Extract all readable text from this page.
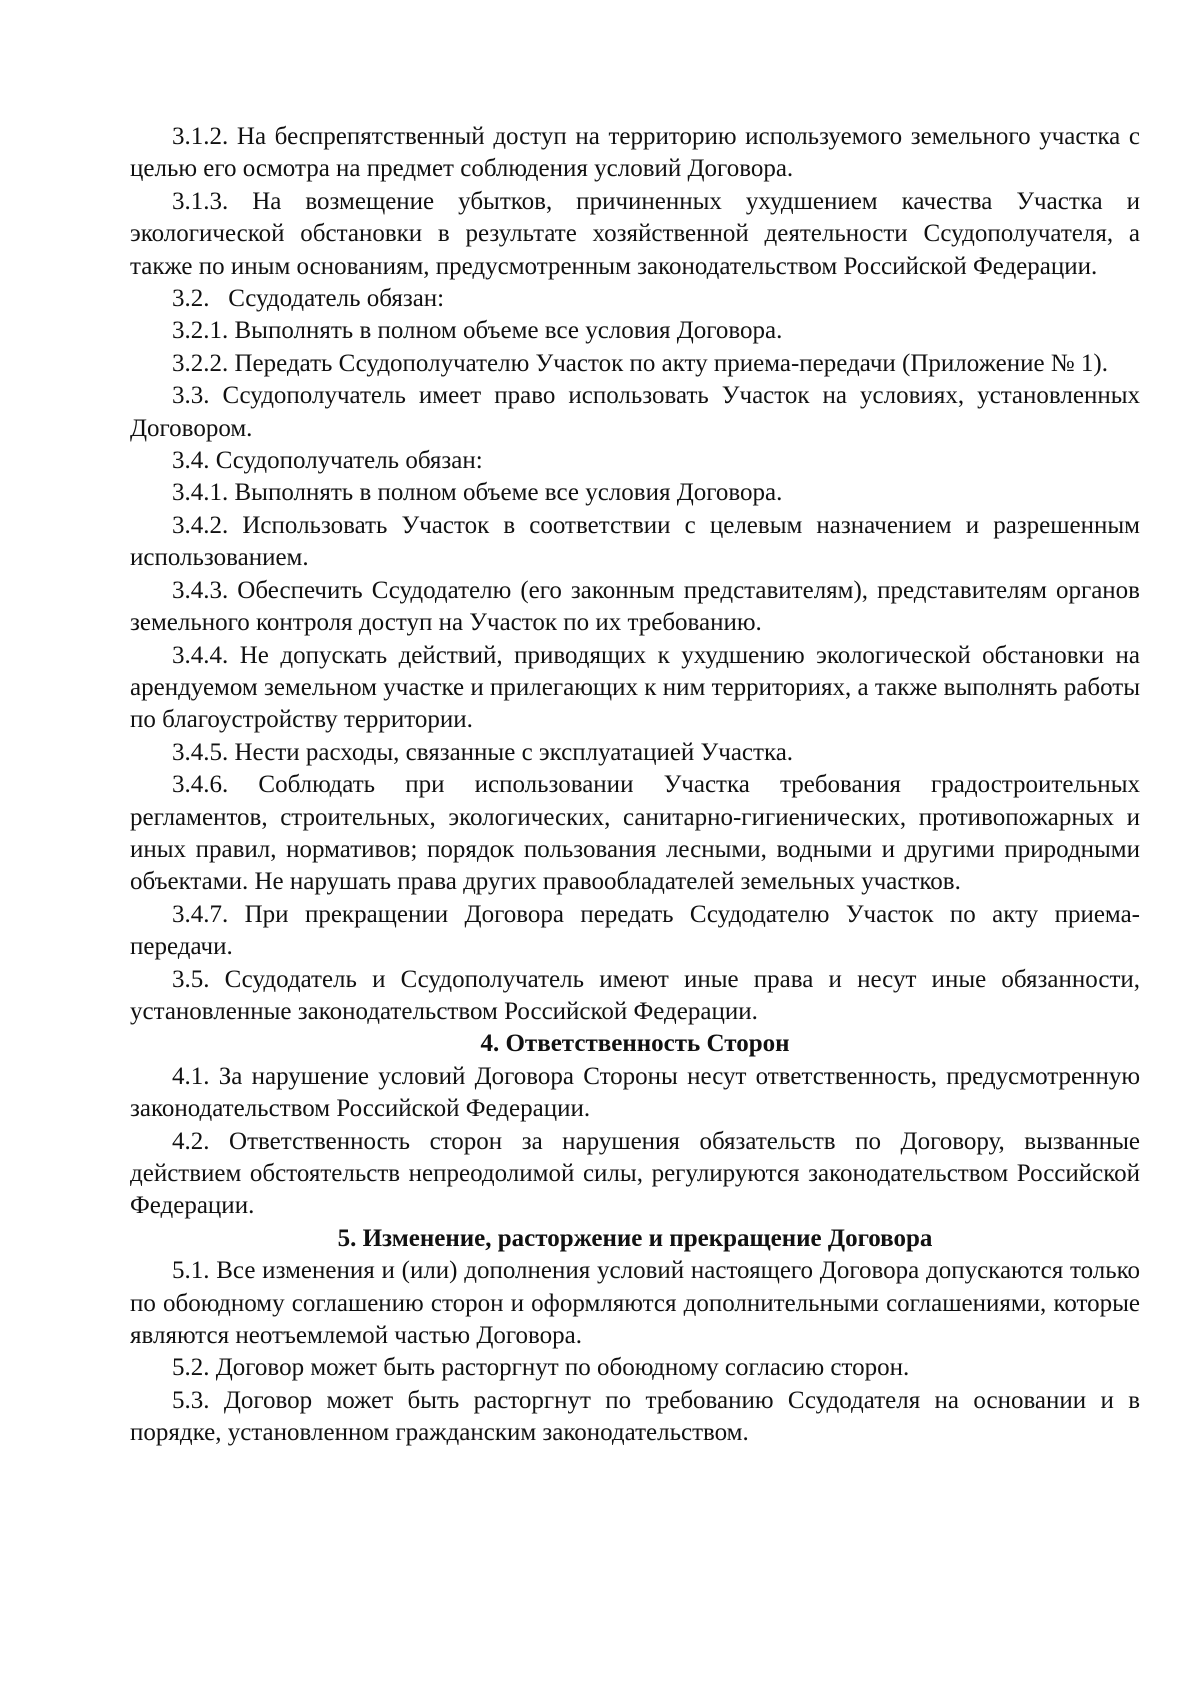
3.1.2. На беспрепятственный доступ на территорию используемого земельного участка с целью его осмотра на предмет соблюдения условий Договора.

3.1.3. На возмещение убытков, причиненных ухудшением качества Участка и экологической обстановки в результате хозяйственной деятельности Ссудополучателя, а также по иным основаниям, предусмотренным законодательством Российской Федерации.

3.2.   Ссудодатель обязан:

3.2.1. Выполнять в полном объеме все условия Договора.

3.2.2. Передать Ссудополучателю Участок по акту приема-передачи (Приложение № 1).

3.3. Ссудополучатель имеет право использовать Участок на условиях, установленных Договором.

3.4. Ссудополучатель обязан:

3.4.1. Выполнять в полном объеме все условия Договора.

3.4.2. Использовать Участок в соответствии с целевым назначением и разрешенным использованием.

3.4.3. Обеспечить Ссудодателю (его законным представителям), представителям органов земельного контроля доступ на Участок по их требованию.

3.4.4. Не допускать действий, приводящих к ухудшению экологической обстановки на арендуемом земельном участке и прилегающих к ним территориях, а также выполнять работы по благоустройству территории.

3.4.5. Нести расходы, связанные с эксплуатацией Участка.

3.4.6. Соблюдать при использовании Участка требования градостроительных регламентов, строительных, экологических, санитарно-гигиенических, противопожарных и иных правил, нормативов; порядок пользования лесными, водными и другими природными объектами. Не нарушать права других правообладателей земельных участков.

3.4.7. При прекращении Договора передать Ссудодателю Участок по акту приема-передачи.

3.5. Ссудодатель и Ссудополучатель имеют иные права и несут иные обязанности, установленные законодательством Российской Федерации.

4. Ответственность Сторон

4.1. За нарушение условий Договора Стороны несут ответственность, предусмотренную законодательством Российской Федерации.

4.2. Ответственность сторон за нарушения обязательств по Договору, вызванные действием обстоятельств непреодолимой силы, регулируются законодательством Российской Федерации.

5. Изменение, расторжение и прекращение Договора

5.1. Все изменения и (или) дополнения условий настоящего Договора допускаются только по обоюдному соглашению сторон и оформляются дополнительными соглашениями, которые являются неотъемлемой частью Договора.

5.2. Договор может быть расторгнут по обоюдному согласию сторон.

5.3. Договор может быть расторгнут по требованию Ссудодателя на основании и в порядке, установленном гражданским законодательством.
